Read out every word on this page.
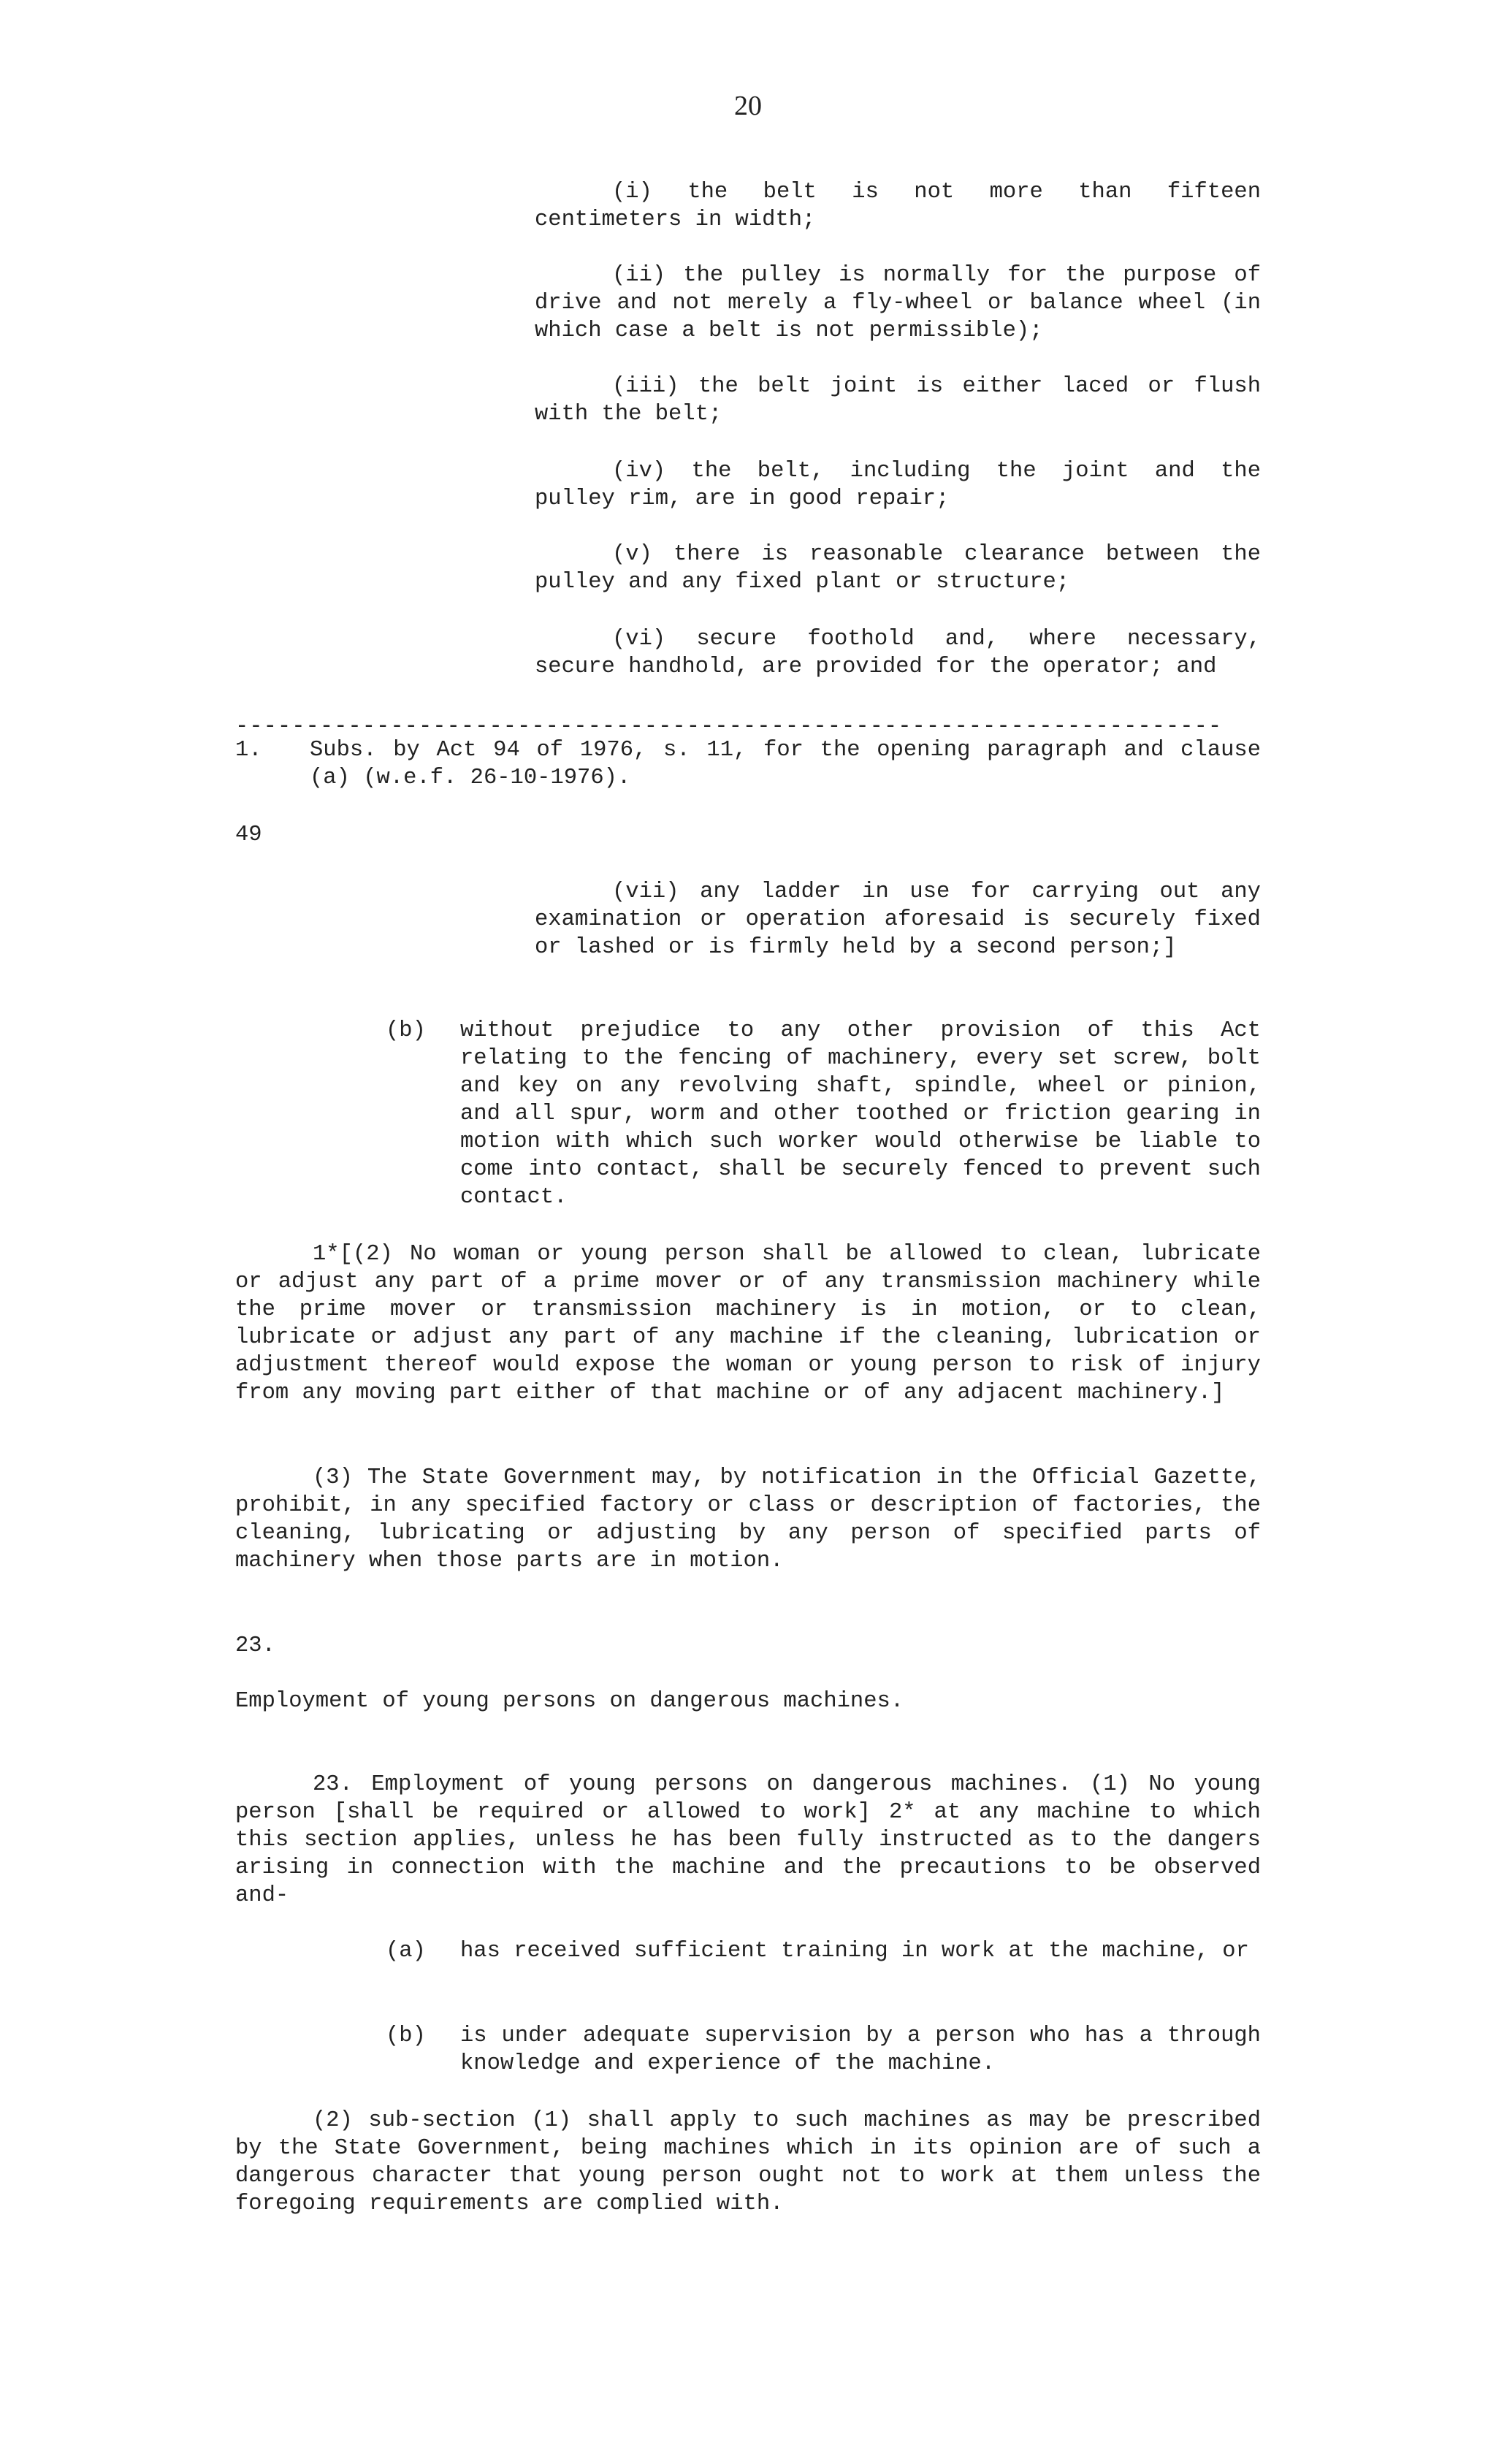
20

(i) the belt is not more than fifteen centimeters in width;

(ii) the pulley is normally for the purpose of drive and not merely a fly-wheel or balance wheel (in which case a belt is not permissible);

(iii) the belt joint is either laced or flush with the belt;

(iv) the belt, including the joint and the pulley rim, are in good repair;

(v) there is reasonable clearance between the pulley and any fixed plant or structure;

(vi) secure foothold and, where necessary, secure handhold, are provided for the operator; and

----------------------------------------------------------------------

1. Subs. by Act 94 of 1976, s. 11, for the opening paragraph and clause (a) (w.e.f. 26-10-1976).

49

(vii) any ladder in use for carrying out any examination or operation aforesaid is securely fixed or lashed or is firmly held by a second person;]

(b) without prejudice to any other provision of this Act relating to the fencing of machinery, every set screw, bolt and key on any revolving shaft, spindle, wheel or pinion, and all spur, worm and other toothed or friction gearing in motion with which such worker would otherwise be liable to come into contact, shall be securely fenced to prevent such contact.

1*[(2) No woman or young person shall be allowed to clean, lubricate or adjust any part of a prime mover or of any transmission machinery while the prime mover or transmission machinery is in motion, or to clean, lubricate or adjust any part of any machine if the cleaning, lubrication or adjustment thereof would expose the woman or young person to risk of injury from any moving part either of that machine or of any adjacent machinery.]

(3) The State Government may, by notification in the Official Gazette, prohibit, in any specified factory or class or description of factories, the cleaning, lubricating or adjusting by any person of specified parts of machinery when those parts are in motion.

23.

Employment of young persons on dangerous machines.

23. Employment of young persons on dangerous machines. (1) No young person [shall be required or allowed to work] 2* at any machine to which this section applies, unless he has been fully instructed as to the dangers arising in connection with the machine and the precautions to be observed and-

(a) has received sufficient training in work at the machine, or

(b) is under adequate supervision by a person who has a through knowledge and experience of the machine.

(2) sub-section (1) shall apply to such machines as may be prescribed by the State Government, being machines which in its opinion are of such a dangerous character that young person ought not to work at them unless the foregoing requirements are complied with.
